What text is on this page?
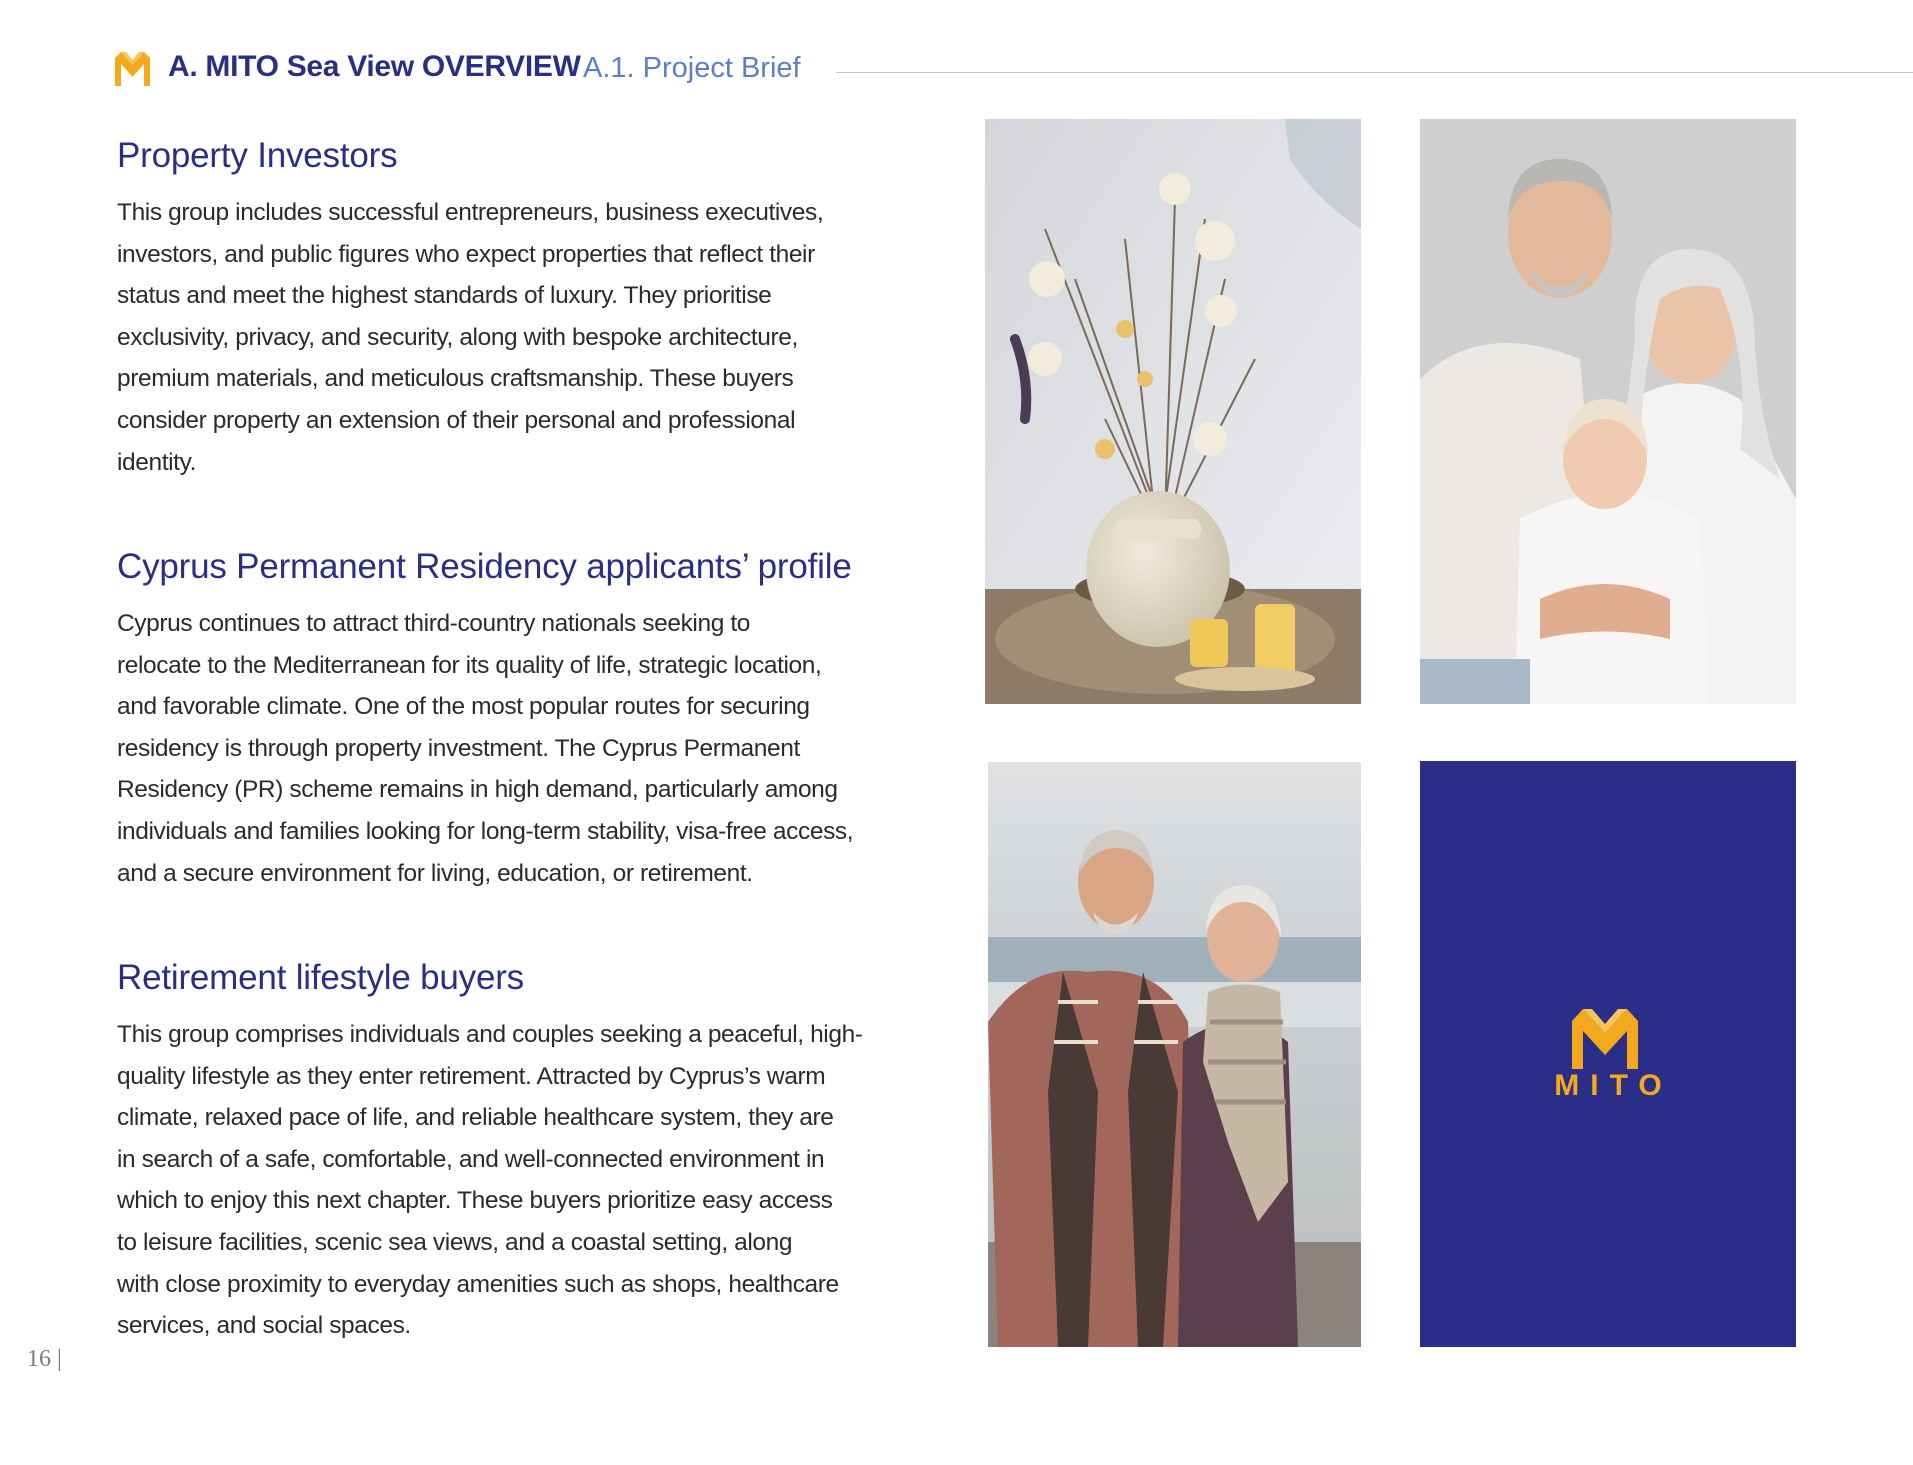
A. MITO Sea View OVERVIEW A.1. Project Brief
Property Investors

This group includes successful entrepreneurs, business executives,
investors, and public figures who expect properties that reflect their
status and meet the highest standards of luxury. They prioritise
exclusivity, privacy, and security, along with bespoke architecture,
premium materials, and meticulous craftsmanship. These buyers
consider property an extension of their personal and professional
identity.

Cyprus Permanent Residency applicants’ profile

Cyprus continues to attract third-country nationals seeking to
relocate to the Mediterranean for its quality of life, strategic location,
and favorable climate. One of the most popular routes for securing
residency is through property investment. The Cyprus Permanent
Residency (PR) scheme remains in high demand, particularly among
individuals and families looking for long-term stability, visa-free access,
and a secure environment for living, education, or retirement.

Retirement lifestyle buyers

This group comprises individuals and couples seeking a peaceful, high-
quality lifestyle as they enter retirement. Attracted by Cyprus’s warm
climate, relaxed pace of life, and reliable healthcare system, they are
in search of a safe, comfortable, and well-connected environment in
which to enjoy this next chapter. These buyers prioritize easy access
to leisure facilities, scenic sea views, and a coastal setting, along
with close proximity to everyday amenities such as shops, healthcare
services, and social spaces.

MITO
16 |
